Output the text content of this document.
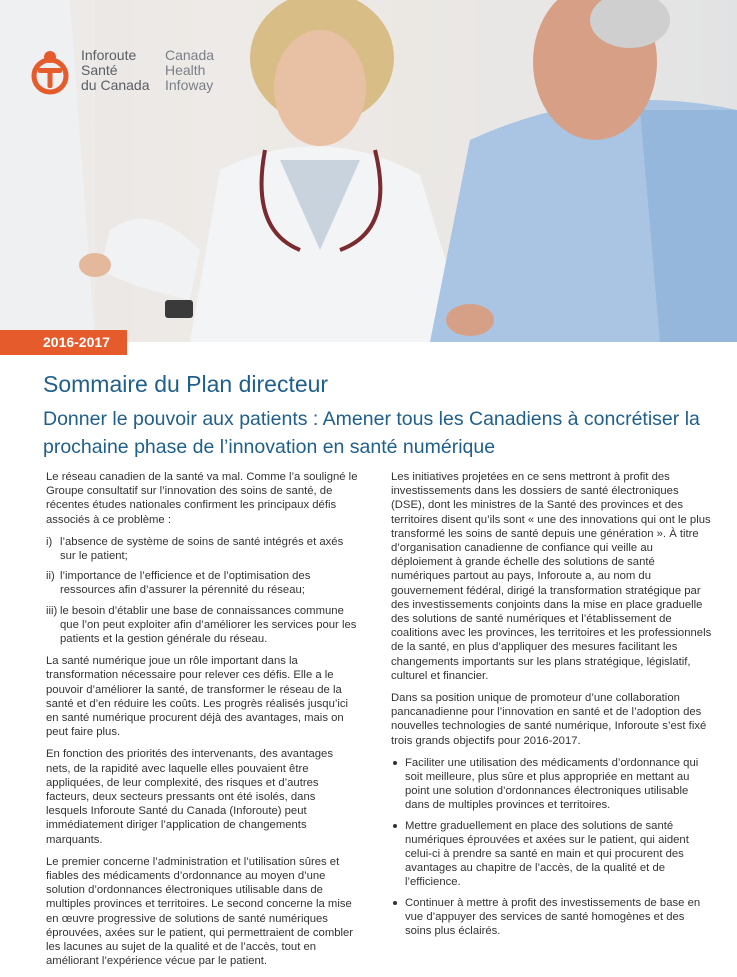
Inforoute
Santé
du Canada
Canada
Health
Infoway
2016-2017
Sommaire du Plan directeur
Donner le pouvoir aux patients : Amener tous les Canadiens à concrétiser la prochaine phase de l’innovation en santé numérique

Le réseau canadien de la santé va mal. Comme l’a souligné le Groupe consultatif sur l’innovation des soins de santé, de récentes études nationales confirment les principaux défis associés à ce problème :

i) l’absence de système de soins de santé intégrés et axés sur le patient;
ii) l’importance de l’efficience et de l’optimisation des ressources afin d’assurer la pérennité du réseau;
iii) le besoin d’établir une base de connaissances commune que l’on peut exploiter afin d’améliorer les services pour les patients et la gestion générale du réseau.

La santé numérique joue un rôle important dans la transformation nécessaire pour relever ces défis. Elle a le pouvoir d’améliorer la santé, de transformer le réseau de la santé et d’en réduire les coûts. Les progrès réalisés jusqu’ici en santé numérique procurent déjà des avantages, mais on peut faire plus.

En fonction des priorités des intervenants, des avantages nets, de la rapidité avec laquelle elles pouvaient être appliquées, de leur complexité, des risques et d’autres facteurs, deux secteurs pressants ont été isolés, dans lesquels Inforoute Santé du Canada (Inforoute) peut immédiatement diriger l’application de changements marquants.

Le premier concerne l’administration et l’utilisation sûres et fiables des médicaments d’ordonnance au moyen d’une solution d’ordonnances électroniques utilisable dans de multiples provinces et territoires. Le second concerne la mise en œuvre progressive de solutions de santé numériques éprouvées, axées sur le patient, qui permettraient de combler les lacunes au sujet de la qualité et de l’accès, tout en améliorant l’expérience vécue par le patient.

Les initiatives projetées en ce sens mettront à profit des investissements dans les dossiers de santé électroniques (DSE), dont les ministres de la Santé des provinces et des territoires disent qu’ils sont « une des innovations qui ont le plus transformé les soins de santé depuis une génération ». À titre d’organisation canadienne de confiance qui veille au déploiement à grande échelle des solutions de santé numériques partout au pays, Inforoute a, au nom du gouvernement fédéral, dirigé la transformation stratégique par des investissements conjoints dans la mise en place graduelle des solutions de santé numériques et l’établissement de coalitions avec les provinces, les territoires et les professionnels de la santé, en plus d’appliquer des mesures facilitant les changements importants sur les plans stratégique, législatif, culturel et financier.

Dans sa position unique de promoteur d’une collaboration pancanadienne pour l’innovation en santé et de l’adoption des nouvelles technologies de santé numérique, Inforoute s’est fixé trois grands objectifs pour 2016-2017.

Faciliter une utilisation des médicaments d’ordonnance qui soit meilleure, plus sûre et plus appropriée en mettant au point une solution d’ordonnances électroniques utilisable dans de multiples provinces et territoires.
Mettre graduellement en place des solutions de santé numériques éprouvées et axées sur le patient, qui aident celui-ci à prendre sa santé en main et qui procurent des avantages au chapitre de l’accès, de la qualité et de l’efficience.
Continuer à mettre à profit des investissements de base en vue d’appuyer des services de santé homogènes et des soins plus éclairés.
